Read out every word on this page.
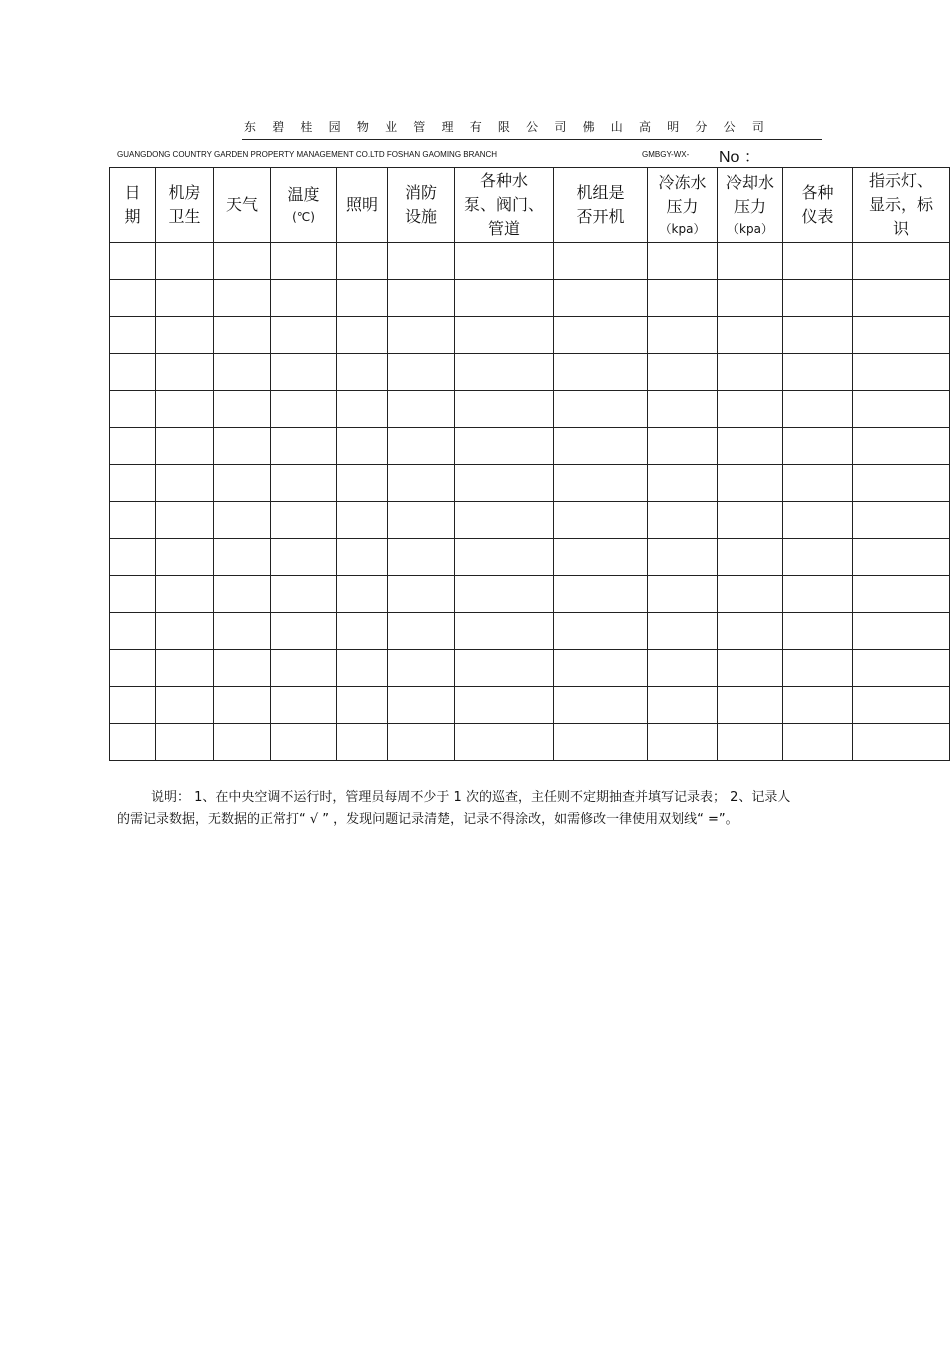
东 碧 桂 园 物 业 管 理 有 限 公 司 佛 山 高 明 分 公 司
GUANGDONG COUNTRY GARDEN PROPERTY MANAGEMENT CO.LTD FOSHAN GAOMING BRANCH	GMBGY-WX- No ：
日
期	机房
卫生	天气	温度
(℃)	照明	消防
设施	各种水
泵、阀门、
管道	机组是
否开机	冷冻水
压力
（kpa）	冷却水
压力
（kpa）	各种
仪表	指示灯、
显示，标
识

说明： 1、在中央空调不运行时，管理员每周不少于 1 次的巡查，主任则不定期抽查并填写记录表； 2、记录人
的需记录数据，无数据的正常打“ √ ” ，发现问题记录清楚，记录不得涂改，如需修改一律使用双划线“ =”。
